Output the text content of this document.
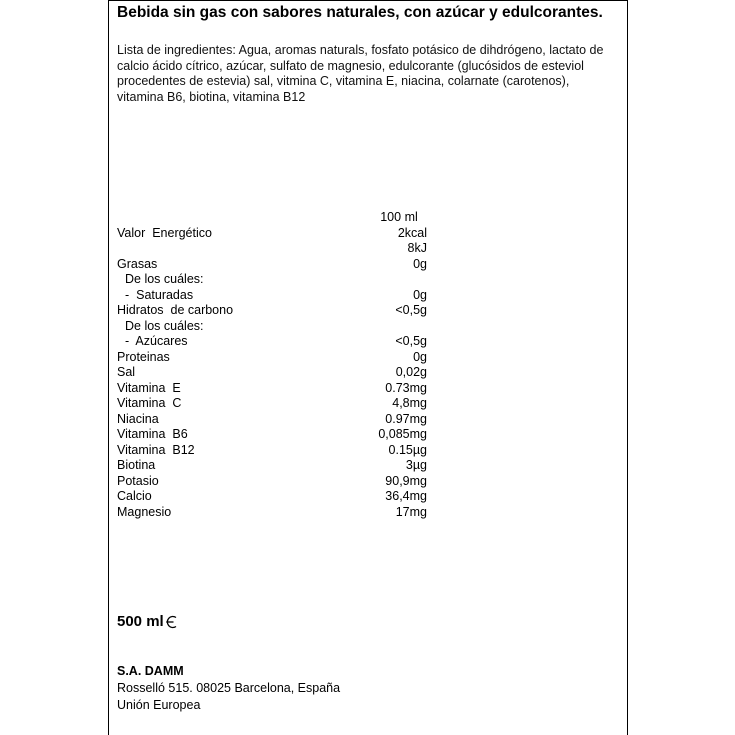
Bebida sin gas con sabores naturales, con azúcar y edulcorantes.

Lista de ingredientes: Agua, aromas naturals, fosfato potásico de dihdrógeno, lactato de calcio ácido cítrico, azúcar, sulfato de magnesio, edulcorante (glucósidos de esteviol procedentes de estevia) sal, vitmina C, vitamina E, niacina, colarnate (carotenos), vitamina B6, biotina, vitamina B12

100 ml
Valor  Energético	2kcal
8kJ
Grasas	0g
De los cuáles:
-  Saturadas	0g
Hidratos  de carbono	<0,5g
De los cuáles:
-  Azúcares	<0,5g
Proteinas	0g
Sal	0,02g
Vitamina  E	0.73mg
Vitamina  C	4,8mg
Niacina	0.97mg
Vitamina  B6	0,085mg
Vitamina  B12	0.15µg
Biotina	3µg
Potasio	90,9mg
Calcio	36,4mg
Magnesio	17mg
500 ml
S.A. DAMM
Rosselló 515. 08025 Barcelona, España
Unión Europea
